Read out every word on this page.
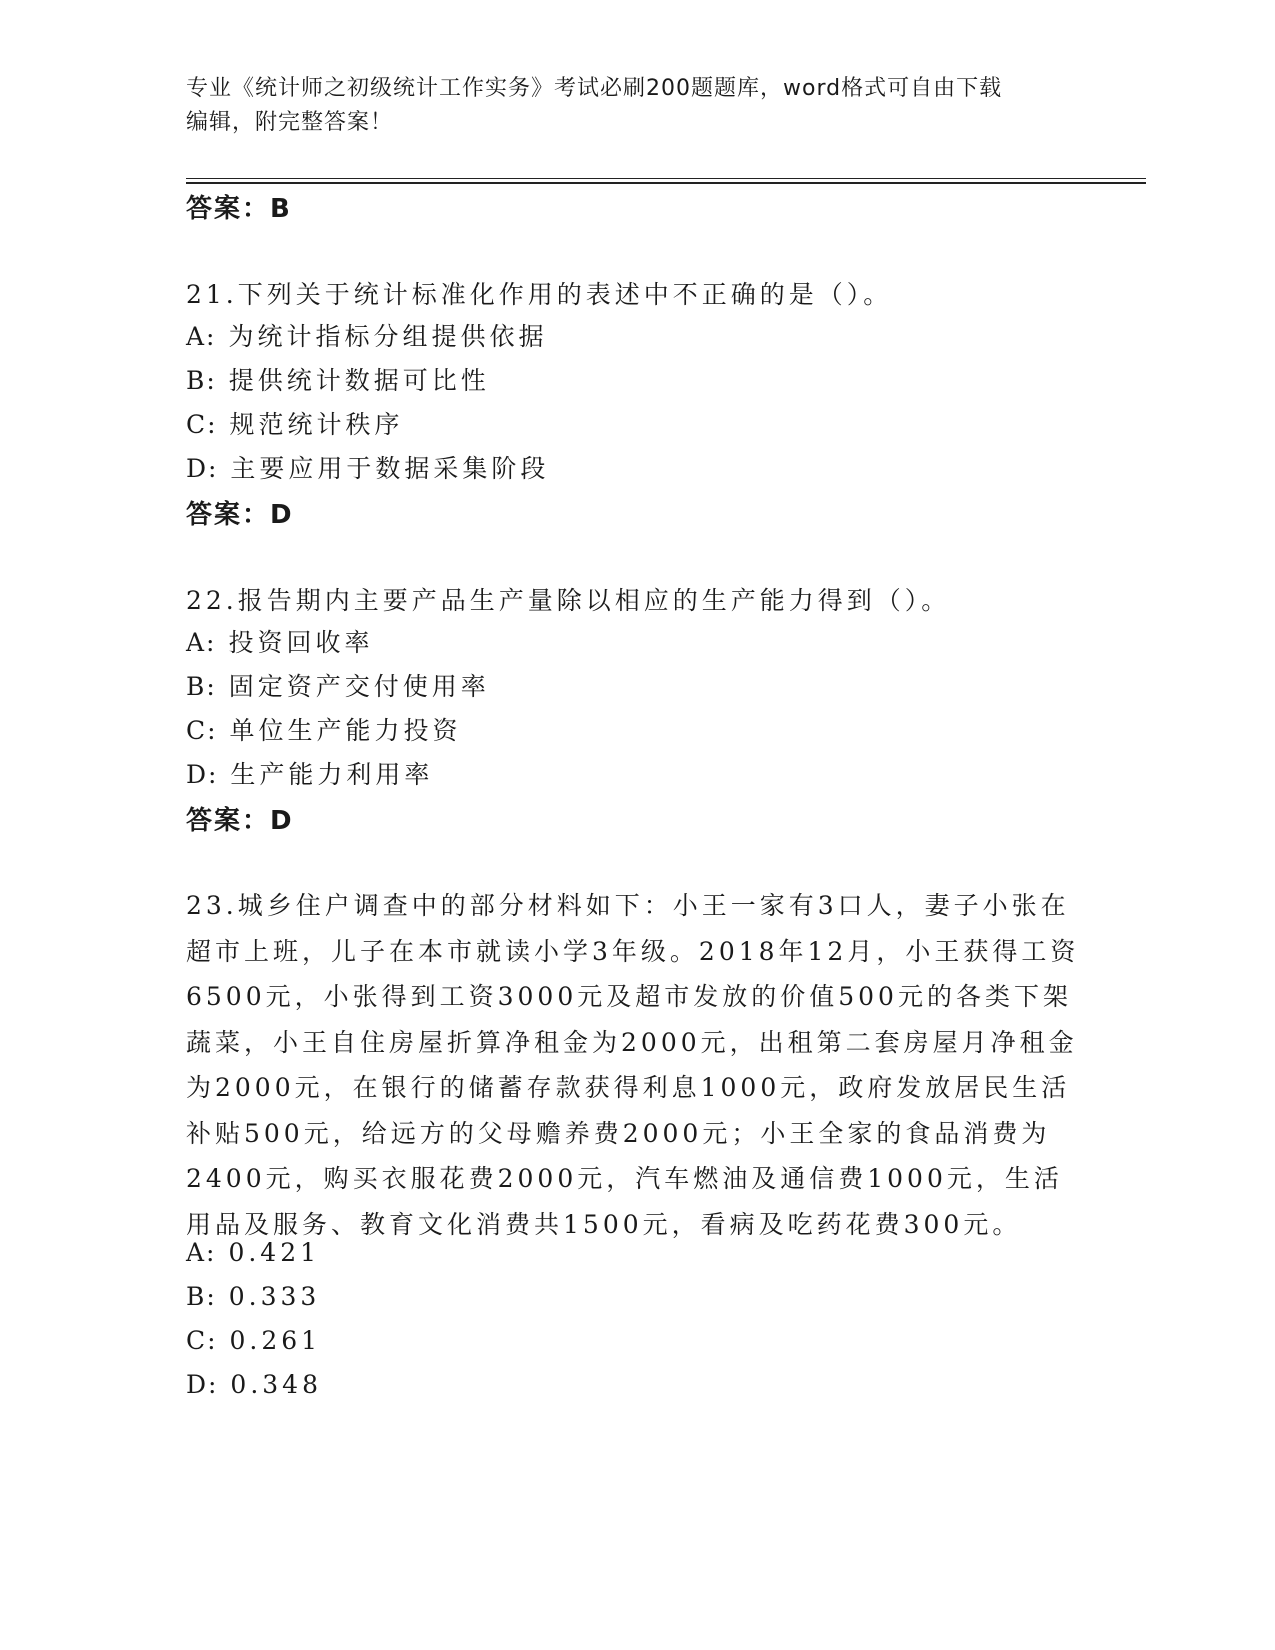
专业《统计师之初级统计工作实务》考试必刷200题题库，word格式可自由下载
编辑，附完整答案！
答案：B
21.下列关于统计标准化作用的表述中不正确的是（）。
A: 为统计指标分组提供依据
B: 提供统计数据可比性
C: 规范统计秩序
D: 主要应用于数据采集阶段
答案：D
22.报告期内主要产品生产量除以相应的生产能力得到（）。
A: 投资回收率
B: 固定资产交付使用率
C: 单位生产能力投资
D: 生产能力利用率
答案：D
23.城乡住户调查中的部分材料如下：小王一家有3口人，妻子小张在超市上班，儿子在本市就读小学3年级。2018年12月，小王获得工资6500元，小张得到工资3000元及超市发放的价值500元的各类下架蔬菜，小王自住房屋折算净租金为2000元，出租第二套房屋月净租金为2000元，在银行的储蓄存款获得利息1000元，政府发放居民生活补贴500元，给远方的父母赡养费2000元；小王全家的食品消费为2400元，购买衣服花费2000元，汽车燃油及通信费1000元，生活用品及服务、教育文化消费共1500元，看病及吃药花费300元。
A: 0.421
B: 0.333
C: 0.261
D: 0.348
